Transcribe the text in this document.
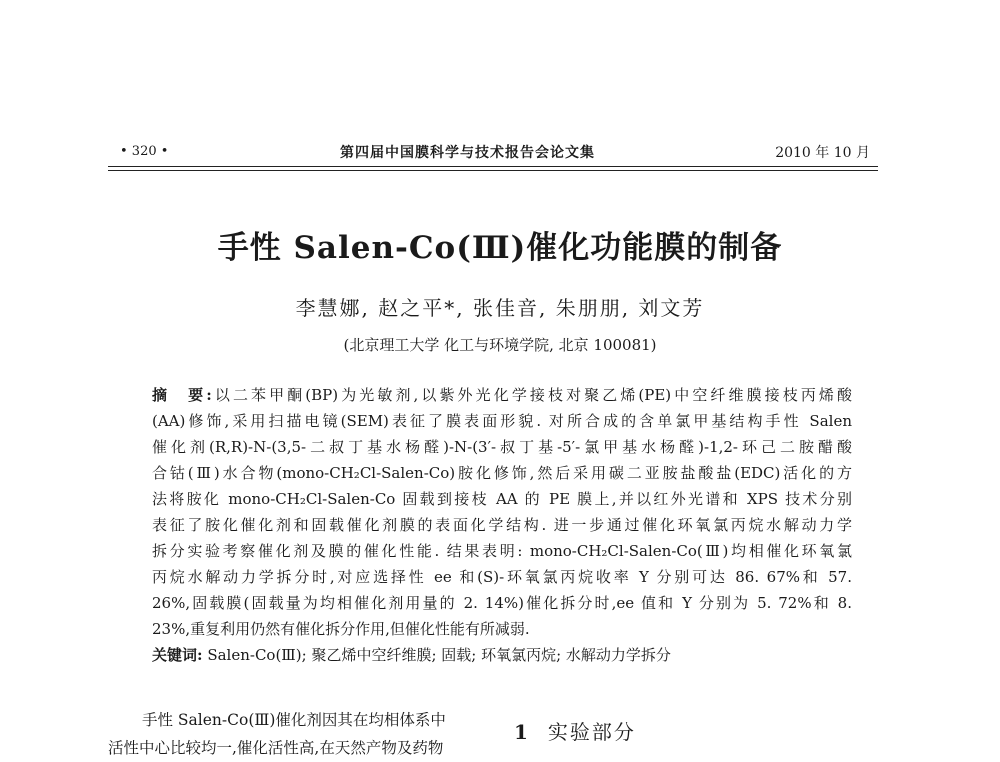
• 320 •	第四届中国膜科学与技术报告会论文集	2010 年 10 月
手性 Salen-Co(Ⅲ)催化功能膜的制备
李慧娜, 赵之平*, 张佳音, 朱朋朋, 刘文芳
(北京理工大学 化工与环境学院, 北京 100081)
摘　要:以二苯甲酮(BP)为光敏剂,以紫外光化学接枝对聚乙烯(PE)中空纤维膜接枝丙烯酸
(AA)修饰,采用扫描电镜(SEM)表征了膜表面形貌. 对所合成的含单氯甲基结构手性 Salen
催化剂(R,R)-N-(3,5-二叔丁基水杨醛)-N-(3′-叔丁基-5′-氯甲基水杨醛)-1,2-环己二胺醋酸
合钴(Ⅲ)水合物(mono-CH₂Cl-Salen-Co)胺化修饰,然后采用碳二亚胺盐酸盐(EDC)活化的方
法将胺化 mono-CH₂Cl-Salen-Co 固载到接枝 AA 的 PE 膜上,并以红外光谱和 XPS 技术分别
表征了胺化催化剂和固载催化剂膜的表面化学结构. 进一步通过催化环氧氯丙烷水解动力学
拆分实验考察催化剂及膜的催化性能. 结果表明: mono-CH₂Cl-Salen-Co(Ⅲ)均相催化环氧氯
丙烷水解动力学拆分时,对应选择性 ee 和(S)-环氧氯丙烷收率 Y 分别可达 86. 67%和 57.
26%,固载膜(固载量为均相催化剂用量的 2. 14%)催化拆分时,ee 值和 Y 分别为 5. 72%和 8.
23%,重复利用仍然有催化拆分作用,但催化性能有所减弱.
关键词: Salen-Co(Ⅲ); 聚乙烯中空纤维膜; 固载; 环氧氯丙烷; 水解动力学拆分
手性 Salen-Co(Ⅲ)催化剂因其在均相体系中
活性中心比较均一,催化活性高,在天然产物及药物
1 实验部分
